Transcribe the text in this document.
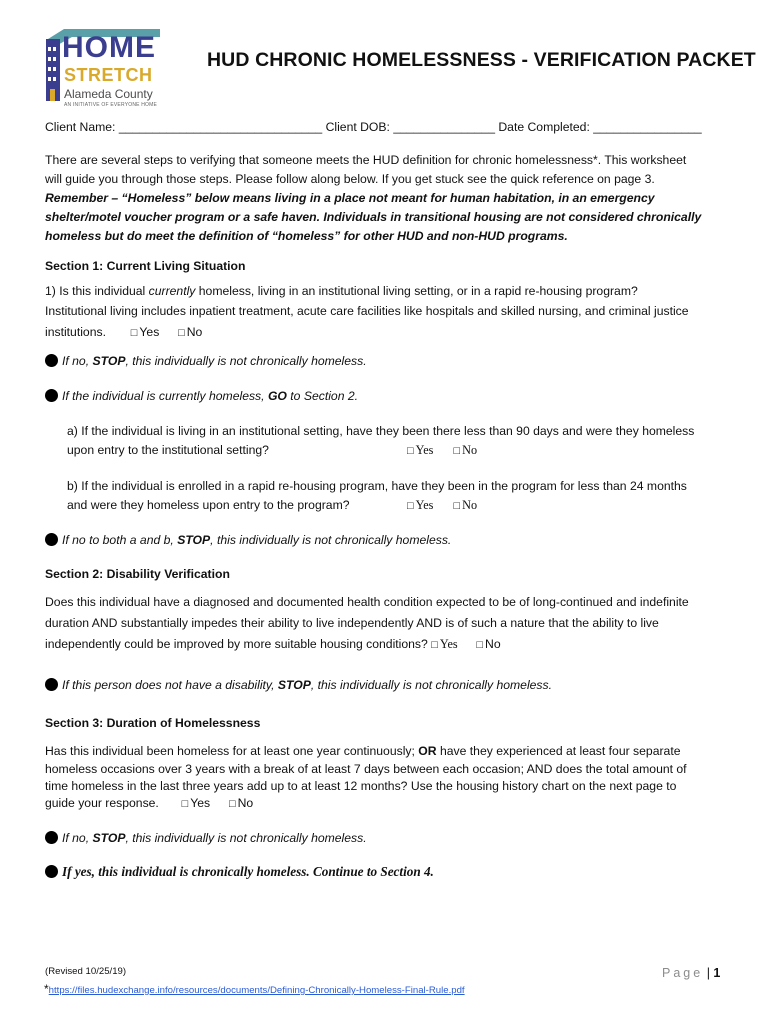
HOME
STRETCH
Alameda County
AN INITIATIVE OF EVERYONE HOME
HUD CHRONIC HOMELESSNESS - VERIFICATION PACKET
Client Name: ______________________________ Client DOB: _______________ Date Completed: ________________
There are several steps to verifying that someone meets the HUD definition for chronic homelessness*. This worksheet
will guide you through those steps. Please follow along below. If you get stuck see the quick reference on page 3.
Remember – “Homeless” below means living in a place not meant for human habitation, in an emergency
shelter/motel voucher program or a safe haven. Individuals in transitional housing are not considered chronically
homeless but do meet the definition of “homeless” for other HUD and non-HUD programs.
Section 1: Current Living Situation
1) Is this individual currently homeless, living in an institutional living setting, or in a rapid re-housing program?
Institutional living includes inpatient treatment, acute care facilities like hospitals and skilled nursing, and criminal justice
institutions. □ Yes □ No
If no, STOP, this individually is not chronically homeless.
If the individual is currently homeless, GO to Section 2.
a) If the individual is living in an institutional setting, have they been there less than 90 days and were they homeless
upon entry to the institutional setting?	□ Yes □ No
b) If the individual is enrolled in a rapid re-housing program, have they been in the program for less than 24 months
and were they homeless upon entry to the program?	□ Yes □ No
If no to both a and b, STOP, this individually is not chronically homeless.
Section 2: Disability Verification
Does this individual have a diagnosed and documented health condition expected to be of long-continued and indefinite
duration AND substantially impedes their ability to live independently AND is of such a nature that the ability to live
independently could be improved by more suitable housing conditions? □ Yes □ No
If this person does not have a disability, STOP, this individually is not chronically homeless.
Section 3: Duration of Homelessness
Has this individual been homeless for at least one year continuously; OR have they experienced at least four separate
homeless occasions over 3 years with a break of at least 7 days between each occasion; AND does the total amount of
time homeless in the last three years add up to at least 12 months? Use the housing history chart on the next page to
guide your response. □ Yes □ No
If no, STOP, this individually is not chronically homeless.
If yes, this individual is chronically homeless. Continue to Section 4.
(Revised 10/25/19)
*https://files.hudexchange.info/resources/documents/Defining-Chronically-Homeless-Final-Rule.pdf
Page | 1
